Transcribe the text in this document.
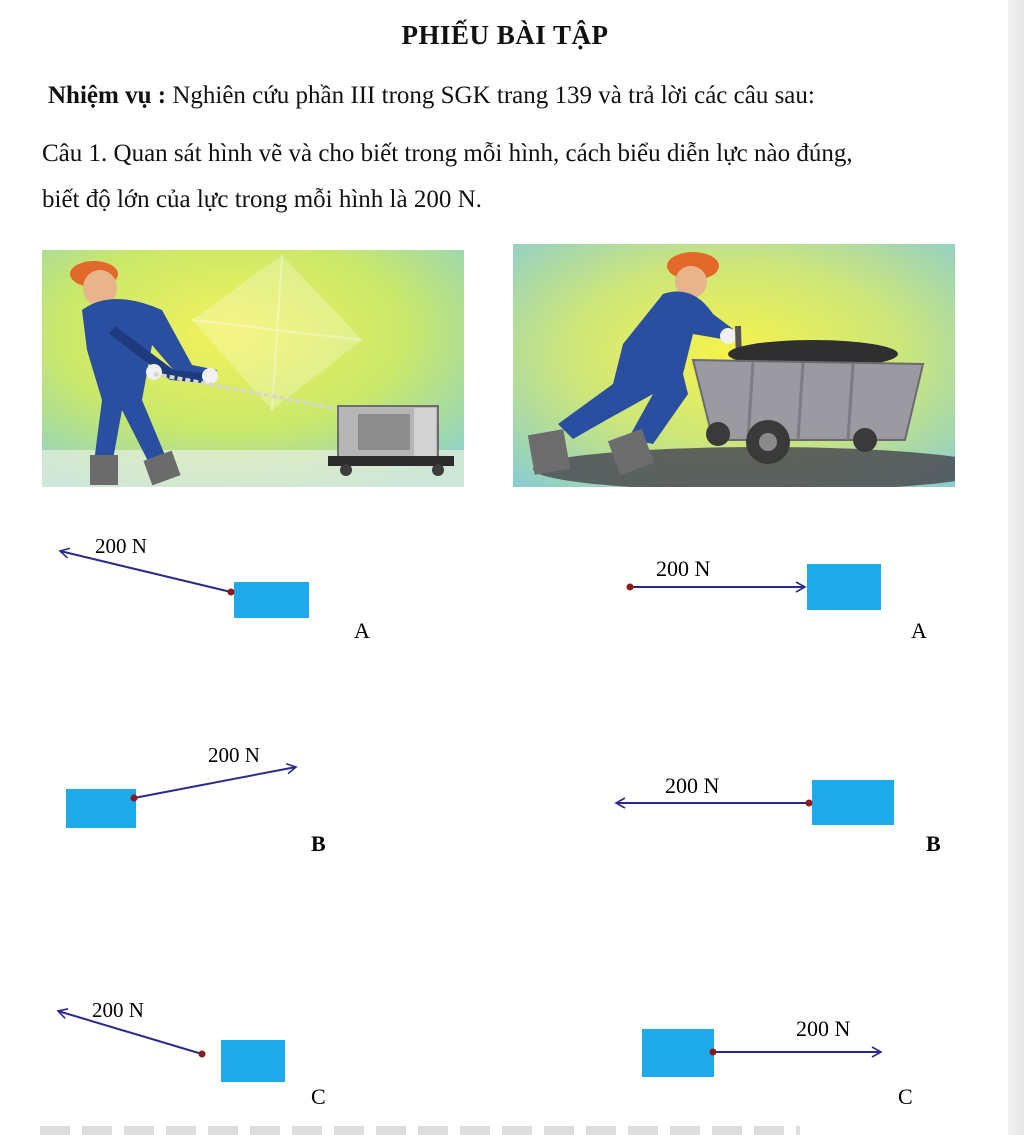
PHIẾU BÀI TẬP
Nhiệm vụ : Nghiên cứu phần III trong SGK trang 139 và trả lời các câu sau:
Câu 1. Quan sát hình vẽ và cho biết trong mỗi hình, cách biểu diễn lực nào đúng,
biết độ lớn của lực trong mỗi hình là 200 N.
200 N
A
200 N
B
200 N
C
200 N
A
200 N
B
200 N
C
